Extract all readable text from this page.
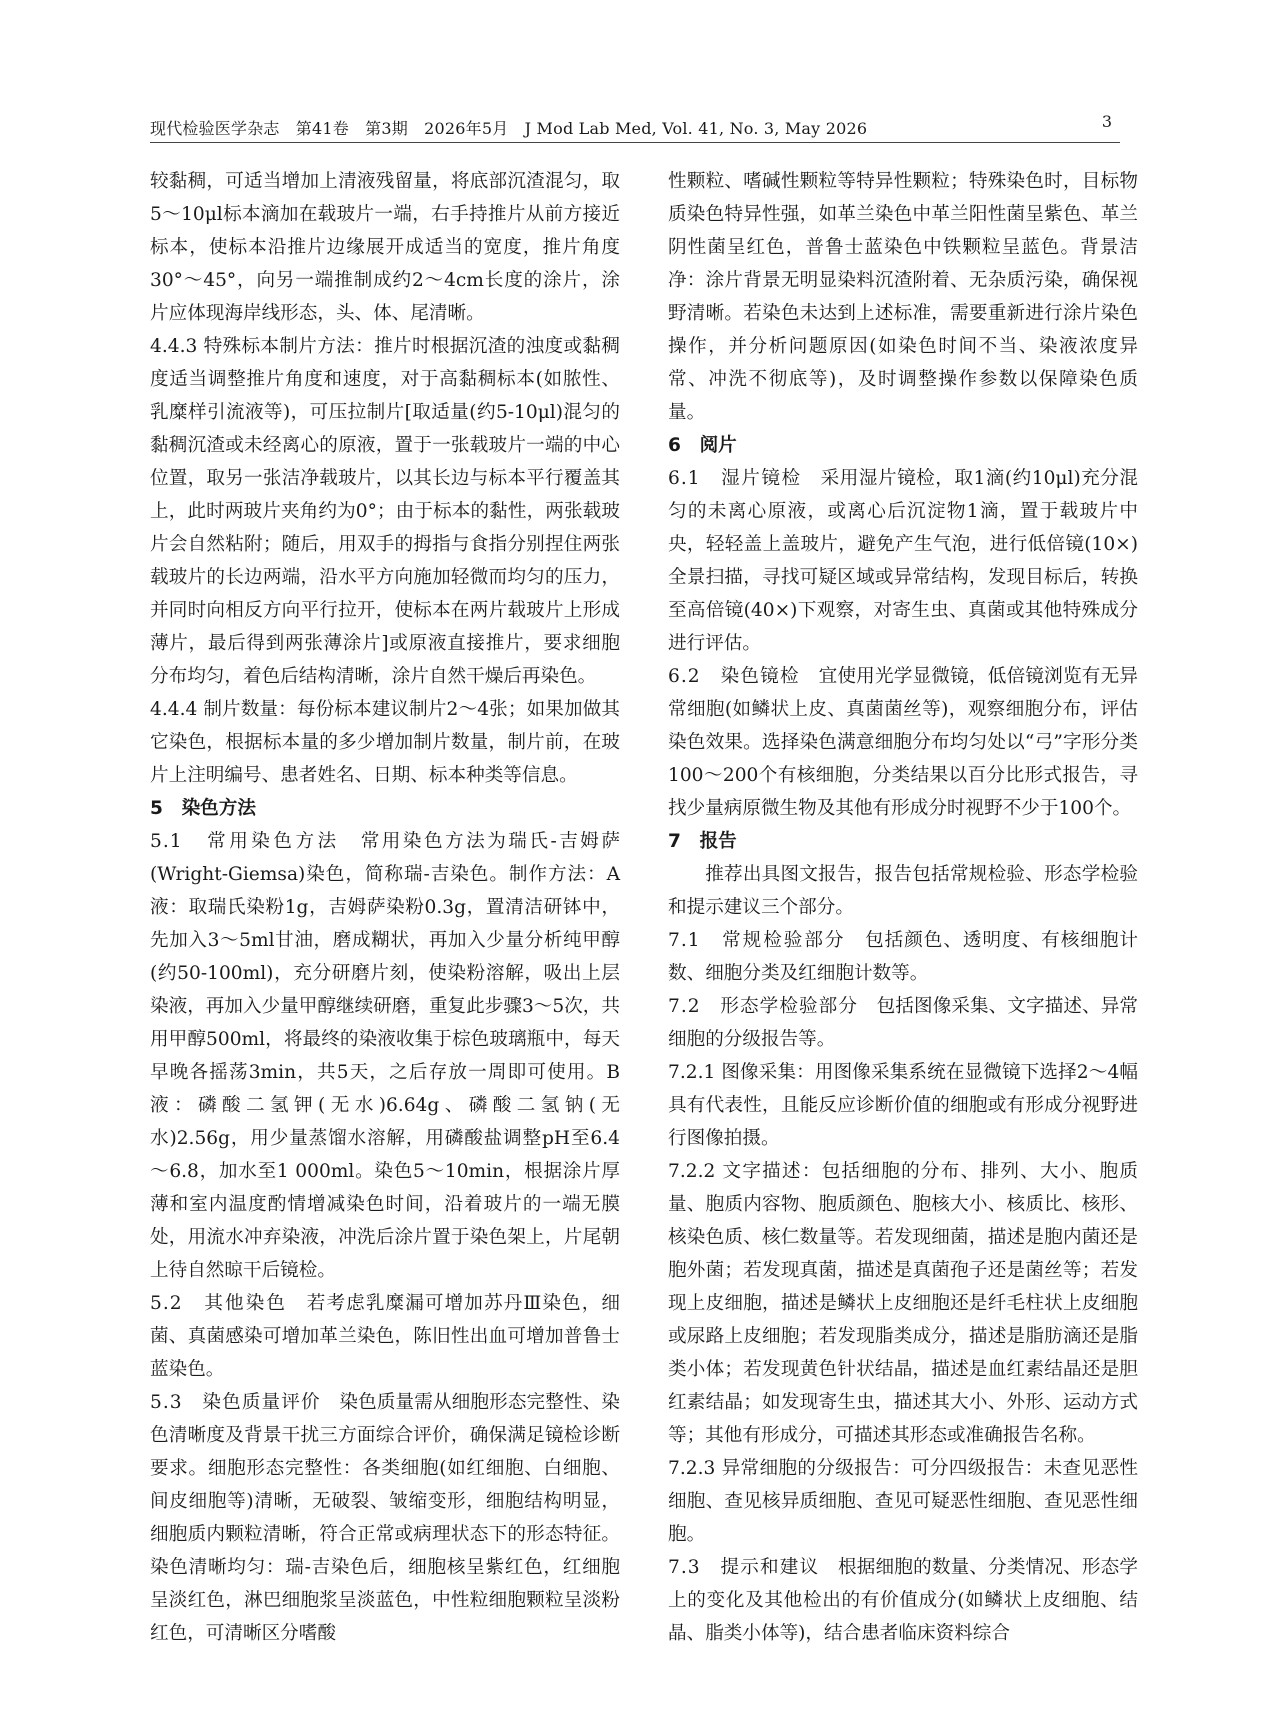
现代检验医学杂志　第41卷　第3期　2026年5月　J Mod Lab Med, Vol. 41, No. 3, May 2026	3

较黏稠，可适当增加上清液残留量，将底部沉渣混匀，取5～10μl标本滴加在载玻片一端，右手持推片从前方接近标本，使标本沿推片边缘展开成适当的宽度，推片角度30°～45°，向另一端推制成约2～4cm长度的涂片，涂片应体现海岸线形态，头、体、尾清晰。

4.4.3 特殊标本制片方法：推片时根据沉渣的浊度或黏稠度适当调整推片角度和速度，对于高黏稠标本(如脓性、乳糜样引流液等)，可压拉制片[取适量(约5-10μl)混匀的黏稠沉渣或未经离心的原液，置于一张载玻片一端的中心位置，取另一张洁净载玻片，以其长边与标本平行覆盖其上，此时两玻片夹角约为0°；由于标本的黏性，两张载玻片会自然粘附；随后，用双手的拇指与食指分别捏住两张载玻片的长边两端，沿水平方向施加轻微而均匀的压力，并同时向相反方向平行拉开，使标本在两片载玻片上形成薄片，最后得到两张薄涂片]或原液直接推片，要求细胞分布均匀，着色后结构清晰，涂片自然干燥后再染色。

4.4.4 制片数量：每份标本建议制片2～4张；如果加做其它染色，根据标本量的多少增加制片数量，制片前，在玻片上注明编号、患者姓名、日期、标本种类等信息。

5　 染色方法

5.1　常用染色方法　常用染色方法为瑞氏-吉姆萨(Wright-Giemsa)染色，简称瑞-吉染色。制作方法：A液：取瑞氏染粉1g，吉姆萨染粉0.3g，置清洁研钵中，先加入3～5ml甘油，磨成糊状，再加入少量分析纯甲醇(约50-100ml)，充分研磨片刻，使染粉溶解，吸出上层染液，再加入少量甲醇继续研磨，重复此步骤3～5次，共用甲醇500ml，将最终的染液收集于棕色玻璃瓶中，每天早晚各摇荡3min，共5天，之后存放一周即可使用。B液：磷酸二氢钾(无水)6.64g、磷酸二氢钠(无水)2.56g，用少量蒸馏水溶解，用磷酸盐调整pH至6.4～6.8，加水至1 000ml。染色5～10min，根据涂片厚薄和室内温度酌情增减染色时间，沿着玻片的一端无膜处，用流水冲弃染液，冲洗后涂片置于染色架上，片尾朝上待自然晾干后镜检。

5.2　其他染色　若考虑乳糜漏可增加苏丹Ⅲ染色，细菌、真菌感染可增加革兰染色，陈旧性出血可增加普鲁士蓝染色。

5.3　染色质量评价　染色质量需从细胞形态完整性、染色清晰度及背景干扰三方面综合评价，确保满足镜检诊断要求。细胞形态完整性：各类细胞(如红细胞、白细胞、间皮细胞等)清晰，无破裂、皱缩变形，细胞结构明显，细胞质内颗粒清晰，符合正常或病理状态下的形态特征。染色清晰均匀：瑞-吉染色后，细胞核呈紫红色，红细胞呈淡红色，淋巴细胞浆呈淡蓝色，中性粒细胞颗粒呈淡粉红色，可清晰区分嗜酸

性颗粒、嗜碱性颗粒等特异性颗粒；特殊染色时，目标物质染色特异性强，如革兰染色中革兰阳性菌呈紫色、革兰阴性菌呈红色，普鲁士蓝染色中铁颗粒呈蓝色。背景洁净：涂片背景无明显染料沉渣附着、无杂质污染，确保视野清晰。若染色未达到上述标准，需要重新进行涂片染色操作，并分析问题原因(如染色时间不当、染液浓度异常、冲洗不彻底等)，及时调整操作参数以保障染色质量。

6　 阅片

6.1　湿片镜检　采用湿片镜检，取1滴(约10μl)充分混匀的未离心原液，或离心后沉淀物1滴，置于载玻片中央，轻轻盖上盖玻片，避免产生气泡，进行低倍镜(10×)全景扫描，寻找可疑区域或异常结构，发现目标后，转换至高倍镜(40×)下观察，对寄生虫、真菌或其他特殊成分进行评估。

6.2　染色镜检　宜使用光学显微镜，低倍镜浏览有无异常细胞(如鳞状上皮、真菌菌丝等)，观察细胞分布，评估染色效果。选择染色满意细胞分布均匀处以“弓”字形分类100～200个有核细胞，分类结果以百分比形式报告，寻找少量病原微生物及其他有形成分时视野不少于100个。

7　 报告

推荐出具图文报告，报告包括常规检验、形态学检验和提示建议三个部分。

7.1　常规检验部分　包括颜色、透明度、有核细胞计数、细胞分类及红细胞计数等。

7.2　形态学检验部分　包括图像采集、文字描述、异常细胞的分级报告等。

7.2.1 图像采集：用图像采集系统在显微镜下选择2～4幅具有代表性，且能反应诊断价值的细胞或有形成分视野进行图像拍摄。

7.2.2 文字描述：包括细胞的分布、排列、大小、胞质量、胞质内容物、胞质颜色、胞核大小、核质比、核形、核染色质、核仁数量等。若发现细菌，描述是胞内菌还是胞外菌；若发现真菌，描述是真菌孢子还是菌丝等；若发现上皮细胞，描述是鳞状上皮细胞还是纤毛柱状上皮细胞或尿路上皮细胞；若发现脂类成分，描述是脂肪滴还是脂类小体；若发现黄色针状结晶，描述是血红素结晶还是胆红素结晶；如发现寄生虫，描述其大小、外形、运动方式等；其他有形成分，可描述其形态或准确报告名称。

7.2.3 异常细胞的分级报告：可分四级报告：未查见恶性细胞、查见核异质细胞、查见可疑恶性细胞、查见恶性细胞。

7.3　提示和建议　根据细胞的数量、分类情况、形态学上的变化及其他检出的有价值成分(如鳞状上皮细胞、结晶、脂类小体等)，结合患者临床资料综合
